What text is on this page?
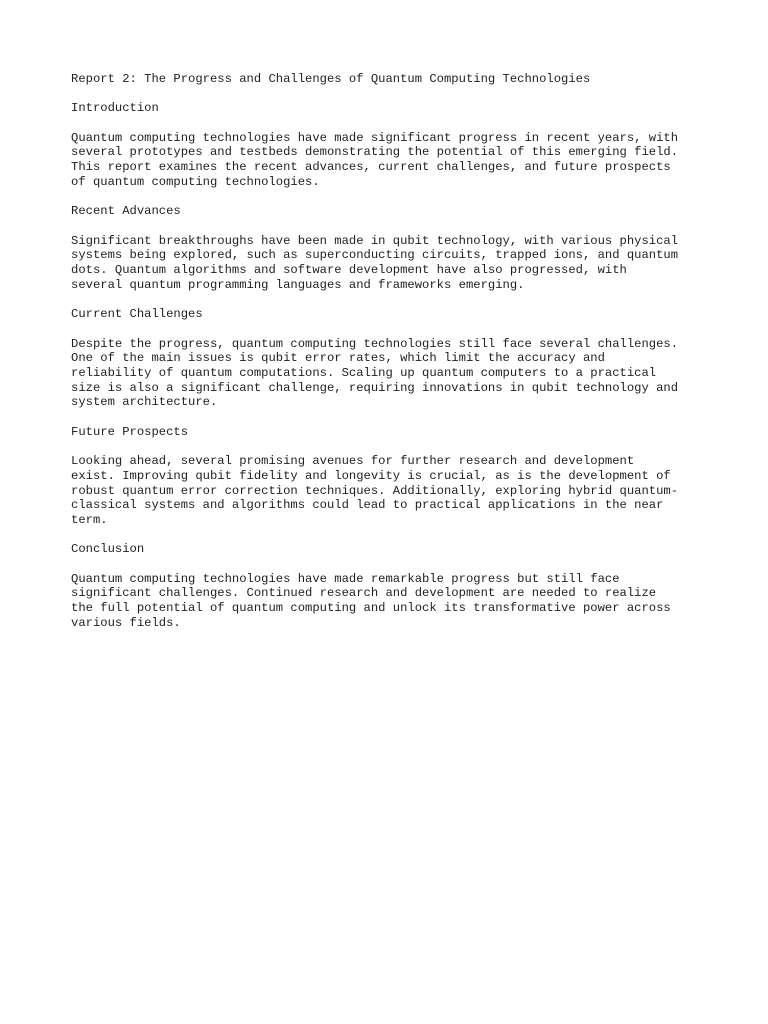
Report 2: The Progress and Challenges of Quantum Computing Technologies
Introduction
Quantum computing technologies have made significant progress in recent years, with
several prototypes and testbeds demonstrating the potential of this emerging field.
This report examines the recent advances, current challenges, and future prospects
of quantum computing technologies.
Recent Advances
Significant breakthroughs have been made in qubit technology, with various physical
systems being explored, such as superconducting circuits, trapped ions, and quantum
dots. Quantum algorithms and software development have also progressed, with
several quantum programming languages and frameworks emerging.
Current Challenges
Despite the progress, quantum computing technologies still face several challenges.
One of the main issues is qubit error rates, which limit the accuracy and
reliability of quantum computations. Scaling up quantum computers to a practical
size is also a significant challenge, requiring innovations in qubit technology and
system architecture.
Future Prospects
Looking ahead, several promising avenues for further research and development
exist. Improving qubit fidelity and longevity is crucial, as is the development of
robust quantum error correction techniques. Additionally, exploring hybrid quantum-
classical systems and algorithms could lead to practical applications in the near
term.
Conclusion
Quantum computing technologies have made remarkable progress but still face
significant challenges. Continued research and development are needed to realize
the full potential of quantum computing and unlock its transformative power across
various fields.
